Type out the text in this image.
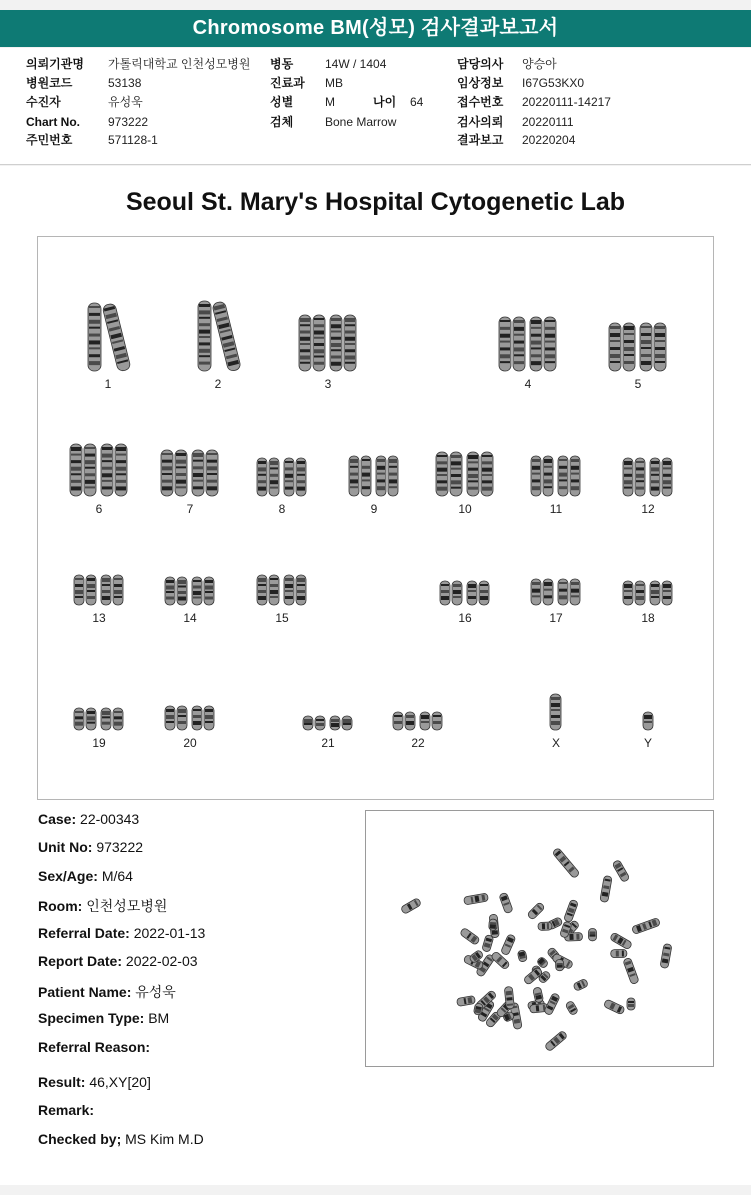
Chromosome BM(성모) 검사결과보고서
의뢰기관명 가톨릭대학교 인천성모병원 병동	14W / 1404	담당의사 양승아
병원코드	53138	진료과 MB	임상정보 I67G53KX0
수진자	유성욱	성별	M	나이 64	접수번호 20220111-14217
Chart No. 973222	검체	Bone Marrow	검사의뢰 20220111
주민번호	571128-1	결과보고 20220204
Seoul St. Mary's Hospital Cytogenetic Lab
1	2	3	4	5
6	7	8	9	10	11	12
13	14	15	16	17	18
19	20	21	22	X	Y
Case: 22-00343
Unit No: 973222
Sex/Age: M/64
Room: 인천성모병원
Referral Date: 2022-01-13
Report Date: 2022-02-03
Patient Name: 유성욱
Specimen Type: BM
Referral Reason:
Result: 46,XY[20]
Remark:
Checked by; MS Kim M.D
